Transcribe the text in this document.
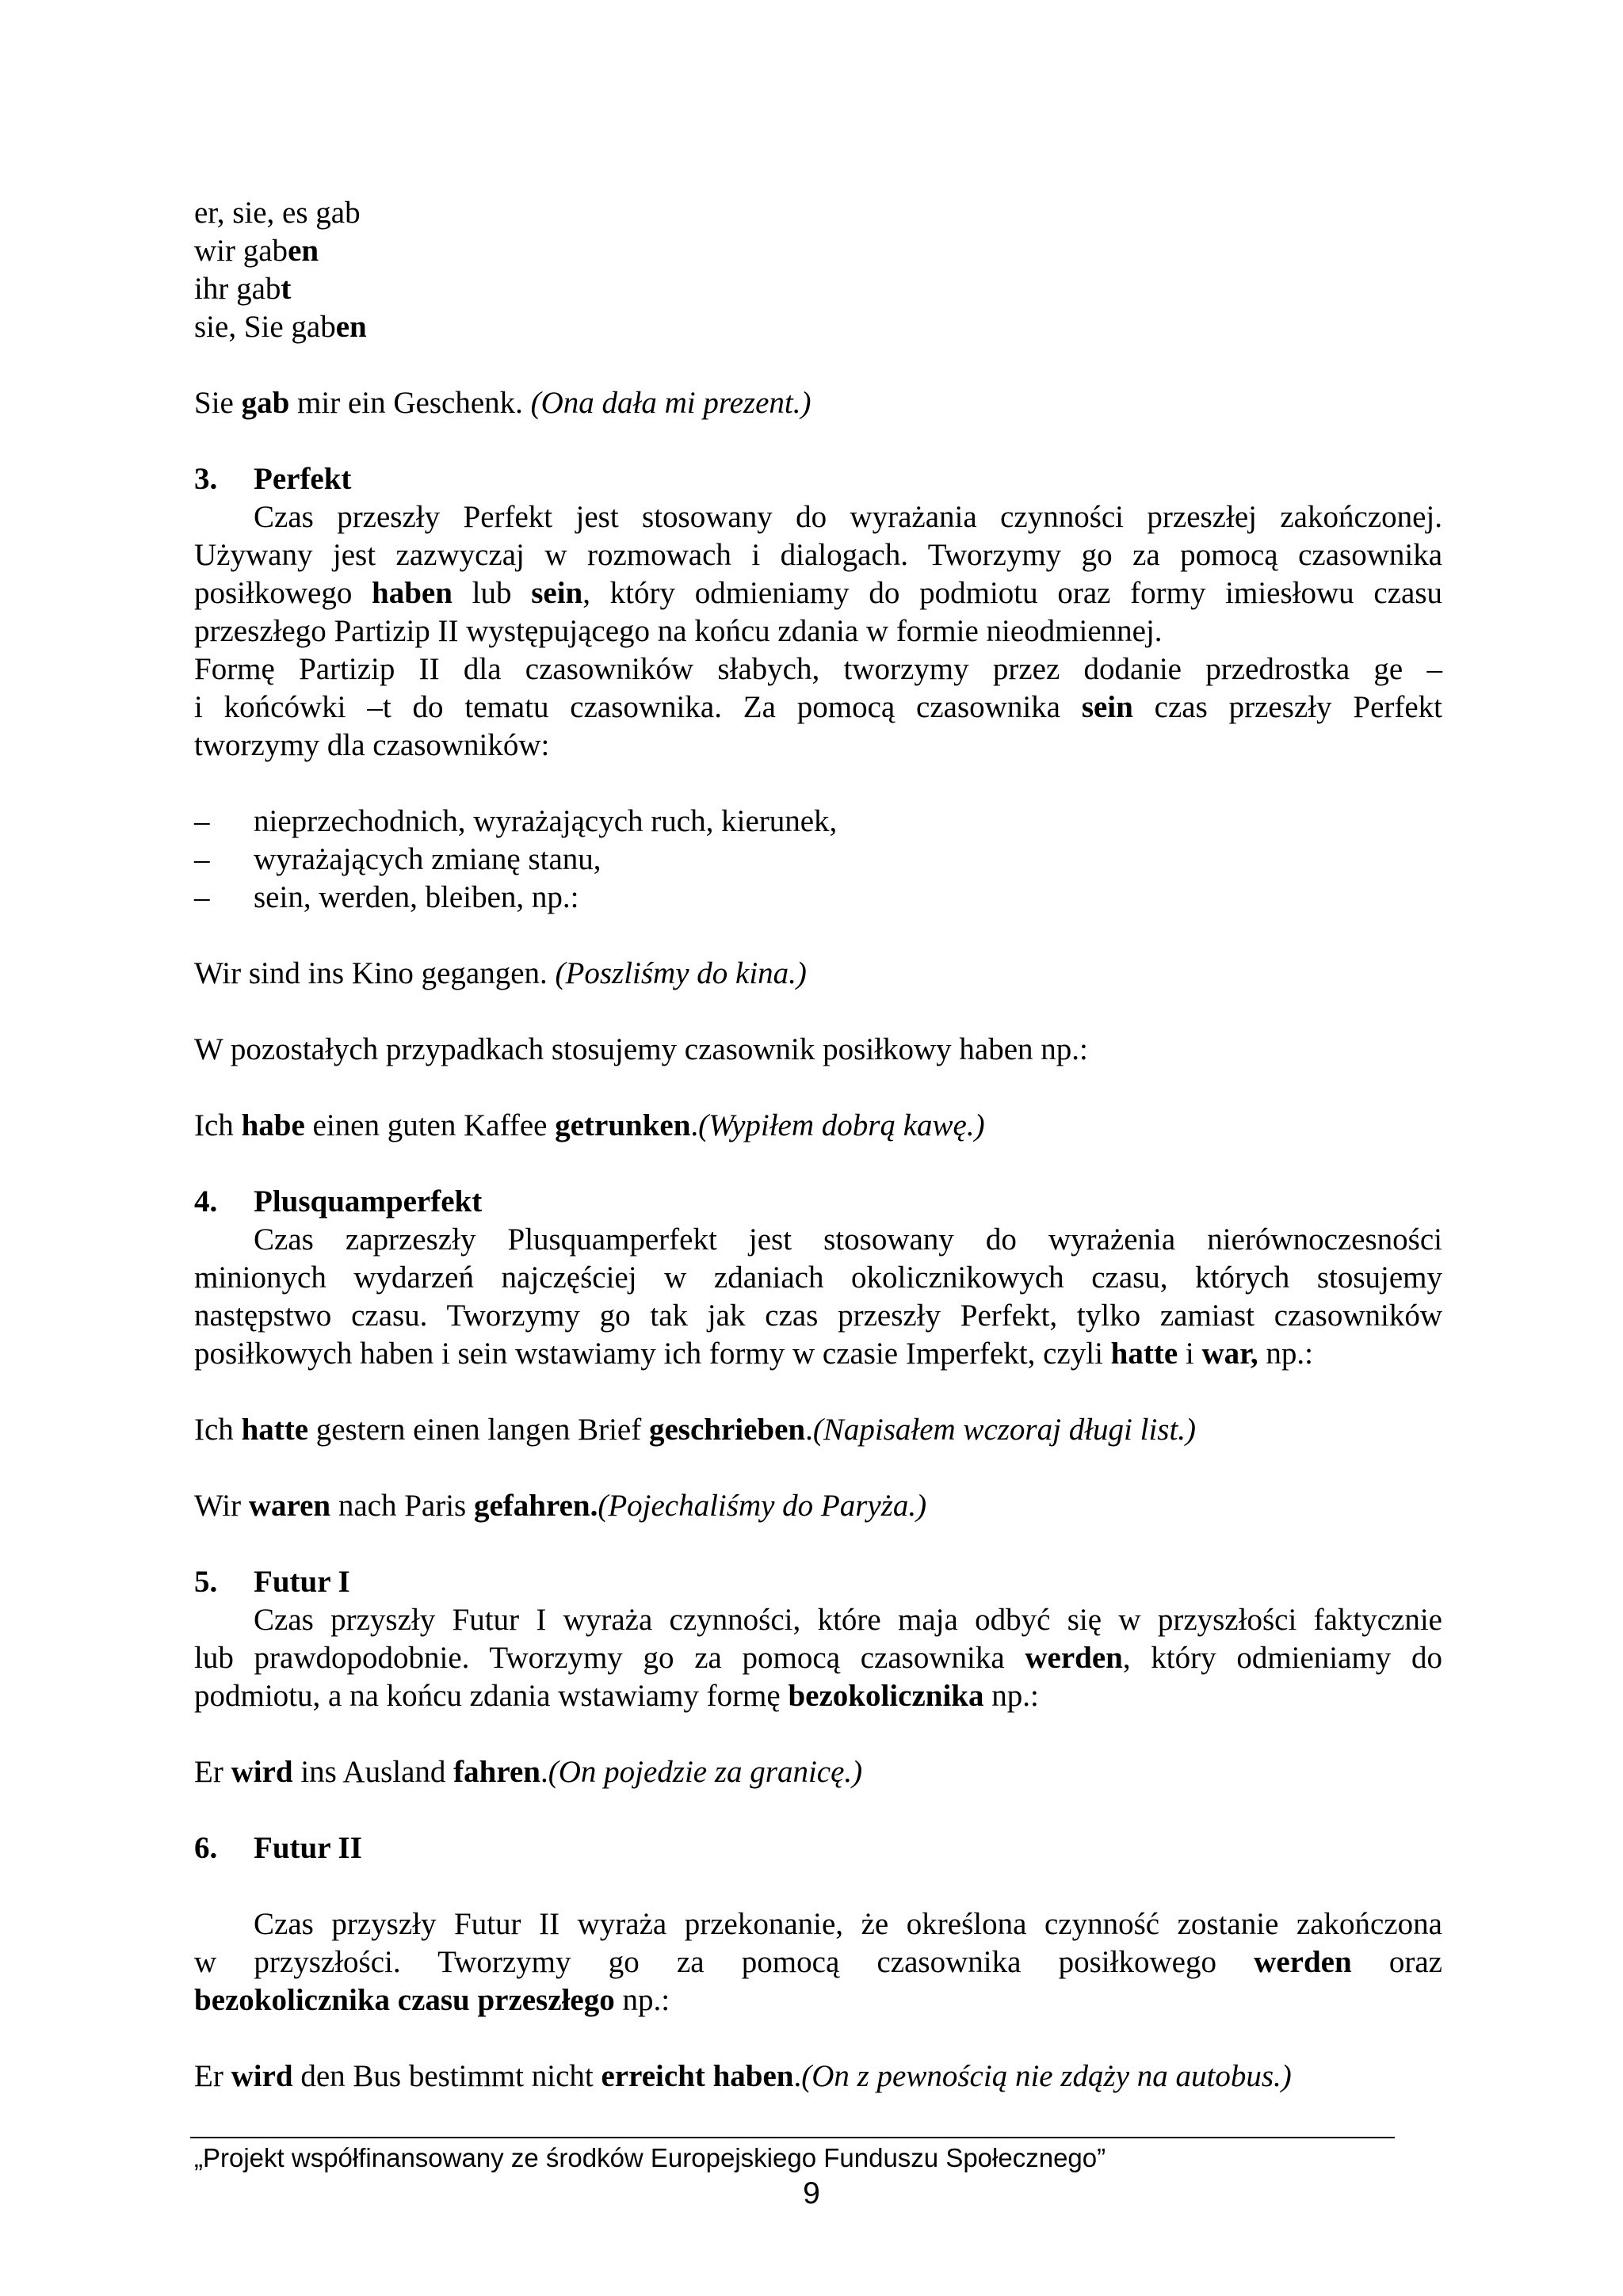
er, sie, es gab

wir gaben

ihr gabt

sie, Sie gaben

Sie gab mir ein Geschenk. (Ona dała mi prezent.)

3.	Perfekt

Czas przeszły Perfekt jest stosowany do wyrażania czynności przeszłej zakończonej.

Używany jest zazwyczaj w rozmowach i dialogach. Tworzymy go za pomocą czasownika

posiłkowego haben lub sein, który odmieniamy do podmiotu oraz formy imiesłowu czasu

przeszłego Partizip II występującego na końcu zdania w formie nieodmiennej.

Formę Partizip II dla czasowników słabych, tworzymy przez dodanie przedrostka ge –

i końcówki –t do tematu czasownika. Za pomocą czasownika sein czas przeszły Perfekt

tworzymy dla czasowników:

–	nieprzechodnich, wyrażających ruch, kierunek,
–	wyrażających zmianę stanu,
–	sein, werden, bleiben, np.:

Wir sind ins Kino gegangen. (Poszliśmy do kina.)

W pozostałych przypadkach stosujemy czasownik posiłkowy haben np.:

Ich habe einen guten Kaffee getrunken.(Wypiłem dobrą kawę.)

4.	Plusquamperfekt

Czas zaprzeszły Plusquamperfekt jest stosowany do wyrażenia nierównoczesności

minionych wydarzeń najczęściej w zdaniach okolicznikowych czasu, których stosujemy

następstwo czasu. Tworzymy go tak jak czas przeszły Perfekt, tylko zamiast czasowników

posiłkowych haben i sein wstawiamy ich formy w czasie Imperfekt, czyli hatte i war, np.:

Ich hatte gestern einen langen Brief geschrieben.(Napisałem wczoraj długi list.)

Wir waren nach Paris gefahren.(Pojechaliśmy do Paryża.)

5.	Futur I

Czas przyszły Futur I wyraża czynności, które maja odbyć się w przyszłości faktycznie

lub prawdopodobnie. Tworzymy go za pomocą czasownika werden, który odmieniamy do

podmiotu, a na końcu zdania wstawiamy formę bezokolicznika np.:

Er wird ins Ausland fahren.(On pojedzie za granicę.)

6.	Futur II

Czas przyszły Futur II wyraża przekonanie, że określona czynność zostanie zakończona

w przyszłości. Tworzymy go za pomocą czasownika posiłkowego werden oraz

bezokolicznika czasu przeszłego np.:

Er wird den Bus bestimmt nicht erreicht haben.(On z pewnością nie zdąży na autobus.)

„Projekt współfinansowany ze środków Europejskiego Funduszu Społecznego”
9
